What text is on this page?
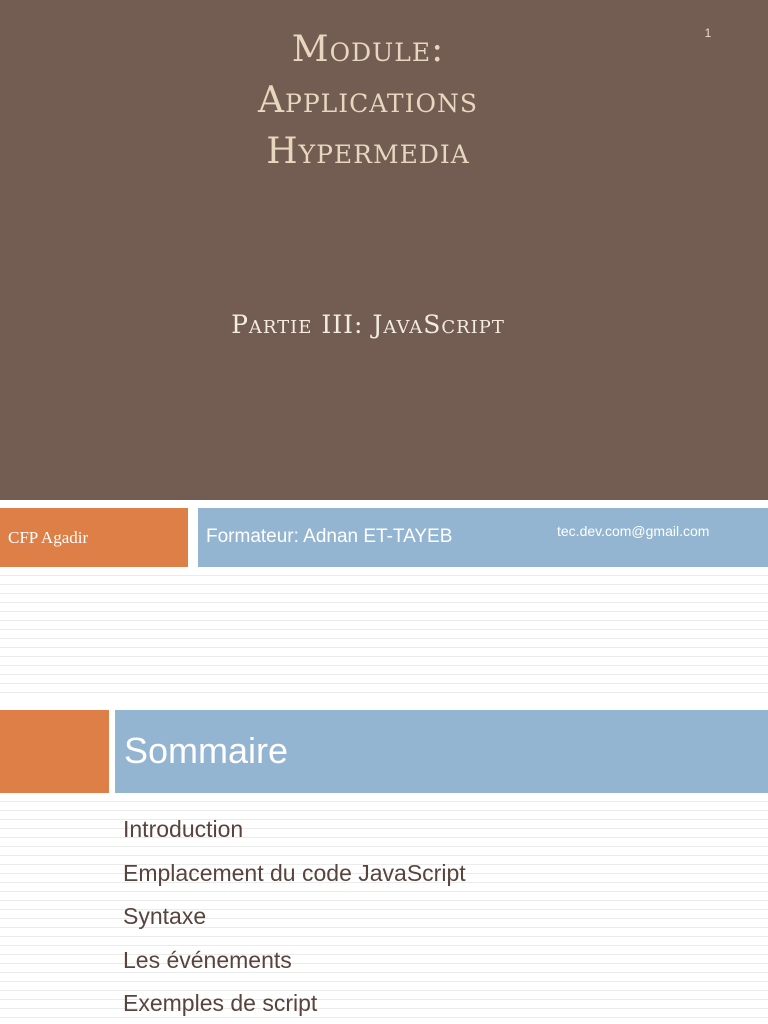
1
Module:
Applications
Hypermedia
Partie III: JavaScript
CFP Agadir	Formateur: Adnan ET-TAYEB	tec.dev.com@gmail.com
Sommaire
Introduction
Emplacement du code JavaScript
Syntaxe
Les événements
Exemples de script
